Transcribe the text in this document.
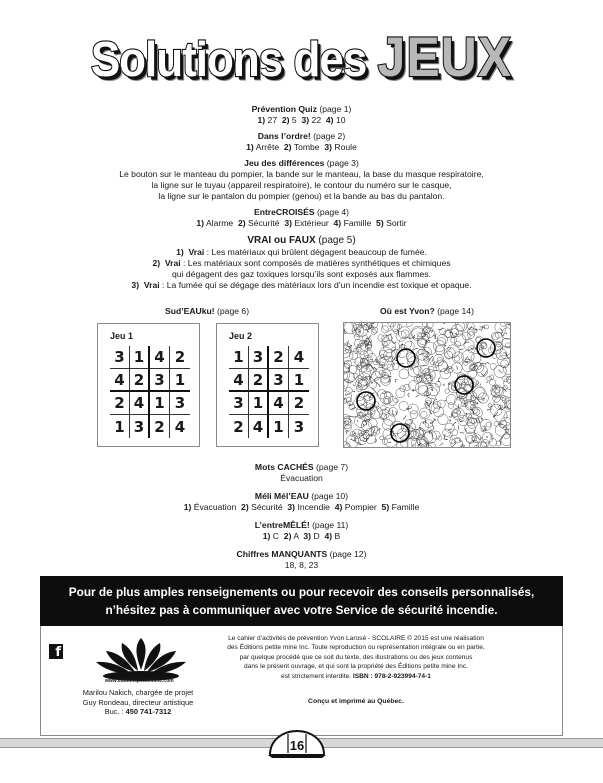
Solutions des JEUX
Prévention Quiz (page 1)
1) 27  2) 5  3) 22  4) 10
Dans l’ordre! (page 2)
1) Arrête  2) Tombe  3) Roule
Jeu des différences (page 3)
Le bouton sur le manteau du pompier, la bande sur le manteau, la base du masque respiratoire,
la ligne sur le tuyau (appareil respiratoire), le contour du numéro sur le casque,
la ligne sur le pantalon du pompier (genou) et la bande au bas du pantalon.
EntreCROISÉS (page 4)
1) Alarme  2) Sécurité  3) Extérieur  4) Famille  5) Sortir
VRAI ou FAUX (page 5)
1)  Vrai : Les matériaux qui brûlent dégagent beaucoup de fumée.
2)  Vrai : Les matériaux sont composés de matières synthétiques et chimiques
qui dégagent des gaz toxiques lorsqu’ils sont exposés aux flammes.
3)  Vrai : La fumée qui se dégage des matériaux lors d’un incendie est toxique et opaque.
Sud’EAUku! (page 6)	Où est Yvon? (page 14)
Jeu 1
3 1 4 2
4 2 3 1
2 4 1 3
1 3 2 4
Jeu 2
1 3 2 4
4 2 3 1
3 1 4 2
2 4 1 3
Mots CACHÉS (page 7)
Évacuation
Méli Mél’EAU (page 10)
1) Évacuation  2) Sécurité  3) Incendie  4) Pompier  5) Famille
L’entreMÊLÉ! (page 11)
1) C  2) A  3) D  4) B
Chiffres MANQUANTS (page 12)
18, 8, 23
Pour de plus amples renseignements ou pour recevoir des conseils personnalisés,
n’hésitez pas à communiquer avec votre Service de sécurité incendie.
f
www.editionspetitemine.com
Marilou Nakich, chargée de projet
Guy Rondeau, directeur artistique
Buc. : 450 741-7312
Le cahier d’activités de prévention Yvon Larosé - SCOLAIRE © 2015 est une réalisation
des Éditions petite mine Inc. Toute reproduction ou représentation intégrale ou en partie,
par quelque procédé que ce soit du texte, des illustrations ou des jeux contenus
dans le présent ouvrage, et qui sont la propriété des Éditions petite mine Inc.
est strictement interdite. ISBN : 978-2-923994-74-1
Conçu et imprimé au Québec.
16
